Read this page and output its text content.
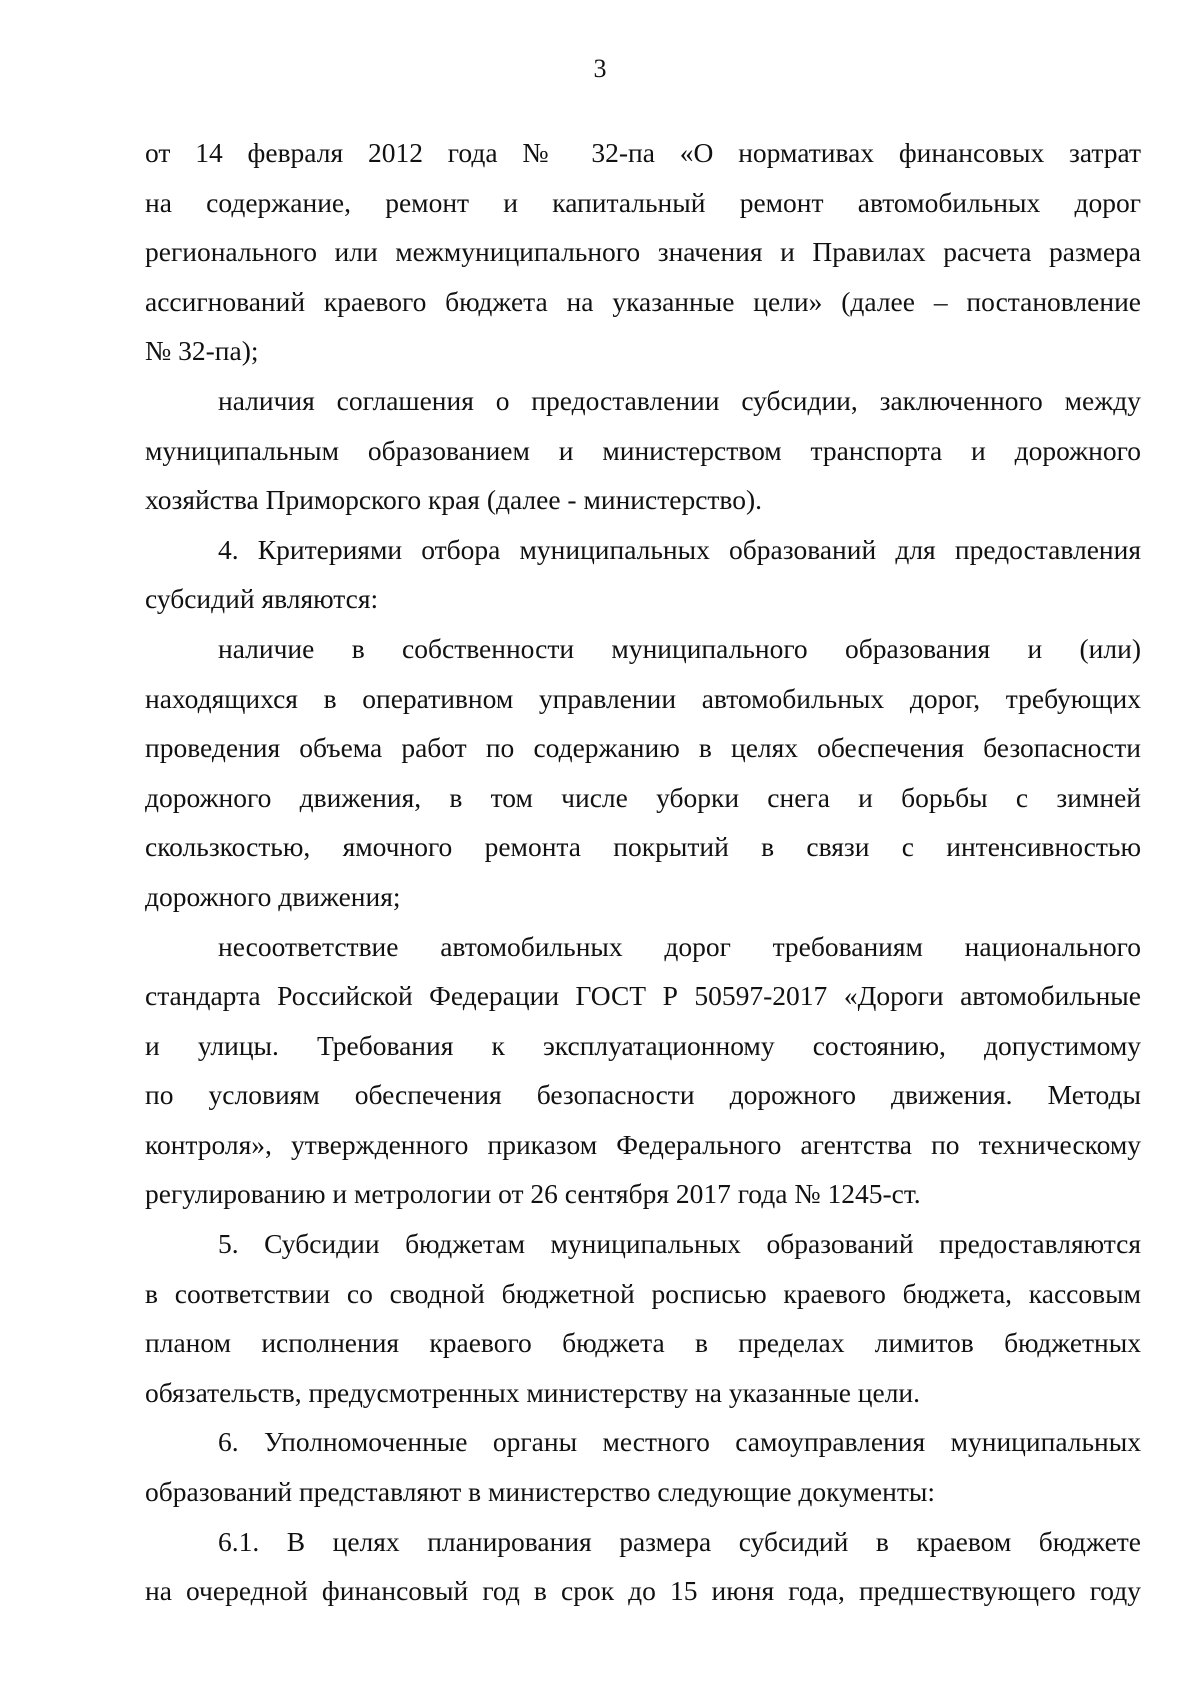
3
от 14 февраля 2012 года № 32-па «О нормативах финансовых затрат
на содержание, ремонт и капитальный ремонт автомобильных дорог
регионального или межмуниципального значения и Правилах расчета размера
ассигнований краевого бюджета на указанные цели» (далее – постановление
№ 32-па);
наличия соглашения о предоставлении субсидии, заключенного между
муниципальным образованием и министерством транспорта и дорожного
хозяйства Приморского края (далее - министерство).
4. Критериями отбора муниципальных образований для предоставления
субсидий являются:
наличие в собственности муниципального образования и (или)
находящихся в оперативном управлении автомобильных дорог, требующих
проведения объема работ по содержанию в целях обеспечения безопасности
дорожного движения, в том числе уборки снега и борьбы с зимней
скользкостью, ямочного ремонта покрытий в связи с интенсивностью
дорожного движения;
несоответствие автомобильных дорог требованиям национального
стандарта Российской Федерации ГОСТ Р 50597-2017 «Дороги автомобильные
и улицы. Требования к эксплуатационному состоянию, допустимому
по условиям обеспечения безопасности дорожного движения. Методы
контроля», утвержденного приказом Федерального агентства по техническому
регулированию и метрологии от 26 сентября 2017 года № 1245-ст.
5. Субсидии бюджетам муниципальных образований предоставляются
в соответствии со сводной бюджетной росписью краевого бюджета, кассовым
планом исполнения краевого бюджета в пределах лимитов бюджетных
обязательств, предусмотренных министерству на указанные цели.
6. Уполномоченные органы местного самоуправления муниципальных
образований представляют в министерство следующие документы:
6.1. В целях планирования размера субсидий в краевом бюджете
на очередной финансовый год в срок до 15 июня года, предшествующего году
